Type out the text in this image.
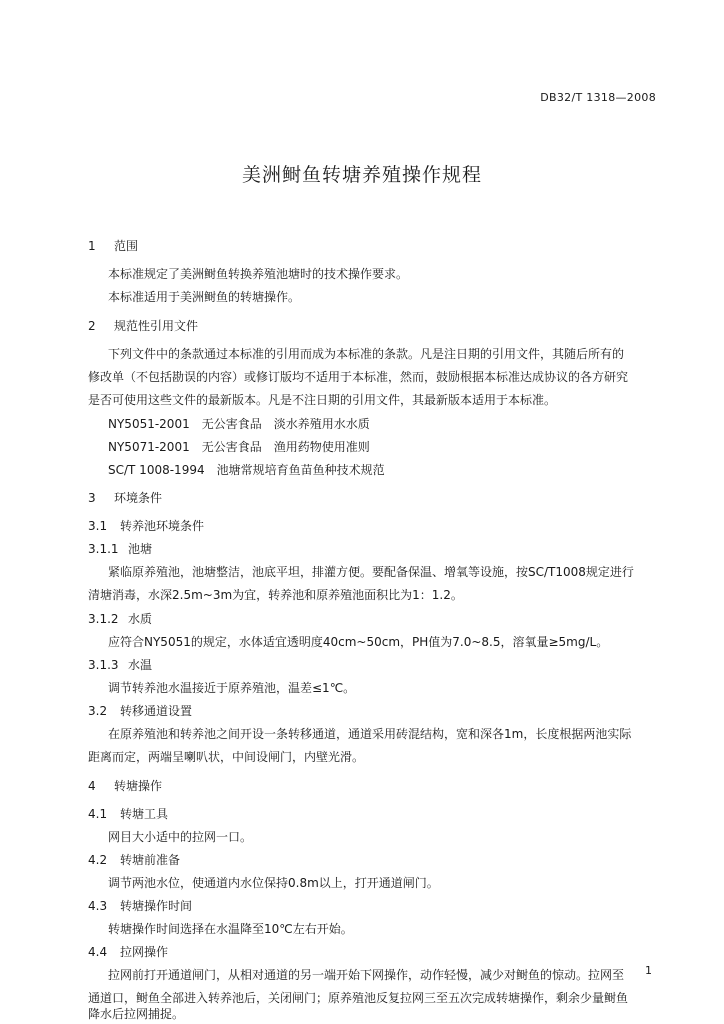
DB32/T 1318—2008
美洲鲥鱼转塘养殖操作规程
1 范围
本标准规定了美洲鲥鱼转换养殖池塘时的技术操作要求。
本标准适用于美洲鲥鱼的转塘操作。
2 规范性引用文件
下列文件中的条款通过本标准的引用而成为本标准的条款。凡是注日期的引用文件，其随后所有的
修改单（不包括勘误的内容）或修订版均不适用于本标准，然而，鼓励根据本标准达成协议的各方研究
是否可使用这些文件的最新版本。凡是不注日期的引用文件，其最新版本适用于本标准。
NY5051-2001　无公害食品　淡水养殖用水水质
NY5071-2001　无公害食品　渔用药物使用准则
SC/T 1008-1994　池塘常规培育鱼苗鱼种技术规范
3 环境条件
3.1 转养池环境条件
3.1.1 池塘
紧临原养殖池，池塘整洁，池底平坦，排灌方便。要配备保温、增氧等设施，按SC/T1008规定进行
清塘消毒，水深2.5m~3m为宜，转养池和原养殖池面积比为1：1.2。
3.1.2 水质
应符合NY5051的规定，水体适宜透明度40cm~50cm，PH值为7.0~8.5，溶氧量≥5mg/L。
3.1.3 水温
调节转养池水温接近于原养殖池，温差≤1℃。
3.2 转移通道设置
在原养殖池和转养池之间开设一条转移通道，通道采用砖混结构，宽和深各1m，长度根据两池实际
距离而定，两端呈喇叭状，中间设闸门，内壁光滑。
4 转塘操作
4.1 转塘工具
网目大小适中的拉网一口。
4.2 转塘前准备
调节两池水位，使通道内水位保持0.8m以上，打开通道闸门。
4.3 转塘操作时间
转塘操作时间选择在水温降至10℃左右开始。
4.4 拉网操作
拉网前打开通道闸门，从相对通道的另一端开始下网操作，动作轻慢，减少对鲥鱼的惊动。拉网至
通道口，鲥鱼全部进入转养池后，关闭闸门；原养殖池反复拉网三至五次完成转塘操作，剩余少量鲥鱼
降水后拉网捕捉。
1
